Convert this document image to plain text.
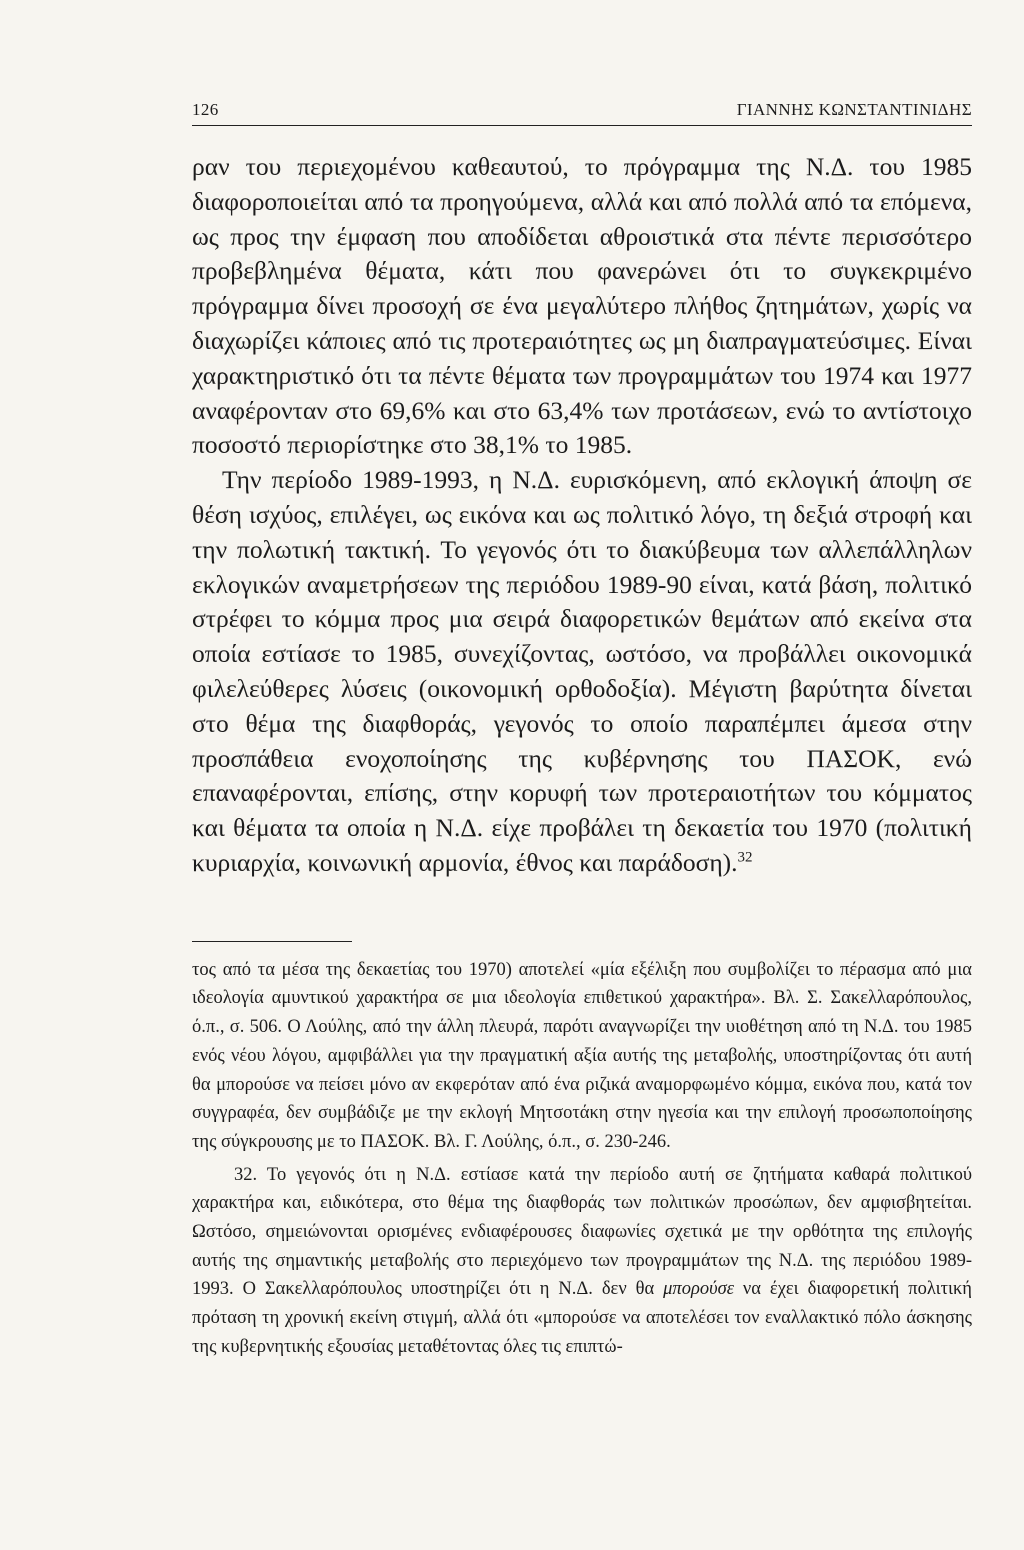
126	ΓΙΑΝΝΗΣ ΚΩΝΣΤΑΝΤΙΝΙΔΗΣ

ραν του περιεχομένου καθεαυτού, το πρόγραμμα της Ν.Δ. του 1985 διαφοροποιείται από τα προηγούμενα, αλλά και από πολλά από τα επόμενα, ως προς την έμφαση που αποδίδεται αθροιστικά στα πέντε περισσότερο προβεβλημένα θέματα, κάτι που φανερώνει ότι το συγκεκριμένο πρόγραμμα δίνει προσοχή σε ένα μεγαλύτερο πλήθος ζητημάτων, χωρίς να διαχωρίζει κάποιες από τις προτεραιότητες ως μη διαπραγματεύσιμες. Είναι χαρακτηριστικό ότι τα πέντε θέματα των προγραμμάτων του 1974 και 1977 αναφέρονταν στο 69,6% και στο 63,4% των προτάσεων, ενώ το αντίστοιχο ποσοστό περιορίστηκε στο 38,1% το 1985.

Την περίοδο 1989-1993, η Ν.Δ. ευρισκόμενη, από εκλογική άποψη σε θέση ισχύος, επιλέγει, ως εικόνα και ως πολιτικό λόγο, τη δεξιά στροφή και την πολωτική τακτική. Το γεγονός ότι το διακύβευμα των αλλεπάλληλων εκλογικών αναμετρήσεων της περιόδου 1989-90 είναι, κατά βάση, πολιτικό στρέφει το κόμμα προς μια σειρά διαφορετικών θεμάτων από εκείνα στα οποία εστίασε το 1985, συνεχίζοντας, ωστόσο, να προβάλλει οικονομικά φιλελεύθερες λύσεις (οικονομική ορθοδοξία). Μέγιστη βαρύτητα δίνεται στο θέμα της διαφθοράς, γεγονός το οποίο παραπέμπει άμεσα στην προσπάθεια ενοχοποίησης της κυβέρνησης του ΠΑΣΟΚ, ενώ επαναφέρονται, επίσης, στην κορυφή των προτεραιοτήτων του κόμματος και θέματα τα οποία η Ν.Δ. είχε προβάλει τη δεκαετία του 1970 (πολιτική κυριαρχία, κοινωνική αρμονία, έθνος και παράδοση).$^{32}$

τος από τα μέσα της δεκαετίας του 1970) αποτελεί «μία εξέλιξη που συμβολίζει το πέρασμα από μια ιδεολογία αμυντικού χαρακτήρα σε μια ιδεολογία επιθετικού χαρακτήρα». Βλ. Σ. Σακελλαρόπουλος, ό.π., σ. 506. Ο Λούλης, από την άλλη πλευρά, παρότι αναγνωρίζει την υιοθέτηση από τη Ν.Δ. του 1985 ενός νέου λόγου, αμφιβάλλει για την πραγματική αξία αυτής της μεταβολής, υποστηρίζοντας ότι αυτή θα μπορούσε να πείσει μόνο αν εκφερόταν από ένα ριζικά αναμορφωμένο κόμμα, εικόνα που, κατά τον συγγραφέα, δεν συμβάδιζε με την εκλογή Μητσοτάκη στην ηγεσία και την επιλογή προσωποποίησης της σύγκρουσης με το ΠΑΣΟΚ. Βλ. Γ. Λούλης, ό.π., σ. 230-246.

32. Το γεγονός ότι η Ν.Δ. εστίασε κατά την περίοδο αυτή σε ζητήματα καθαρά πολιτικού χαρακτήρα και, ειδικότερα, στο θέμα της διαφθοράς των πολιτικών προσώπων, δεν αμφισβητείται. Ωστόσο, σημειώνονται ορισμένες ενδιαφέρουσες διαφωνίες σχετικά με την ορθότητα της επιλογής αυτής της σημαντικής μεταβολής στο περιεχόμενο των προγραμμάτων της Ν.Δ. της περιόδου 1989-1993. Ο Σακελλαρόπουλος υποστηρίζει ότι η Ν.Δ. δεν θα μπορούσε να έχει διαφορετική πολιτική πρόταση τη χρονική εκείνη στιγμή, αλλά ότι «μπορούσε να αποτελέσει τον εναλλακτικό πόλο άσκησης της κυβερνητικής εξουσίας μεταθέτοντας όλες τις επιπτώ-
